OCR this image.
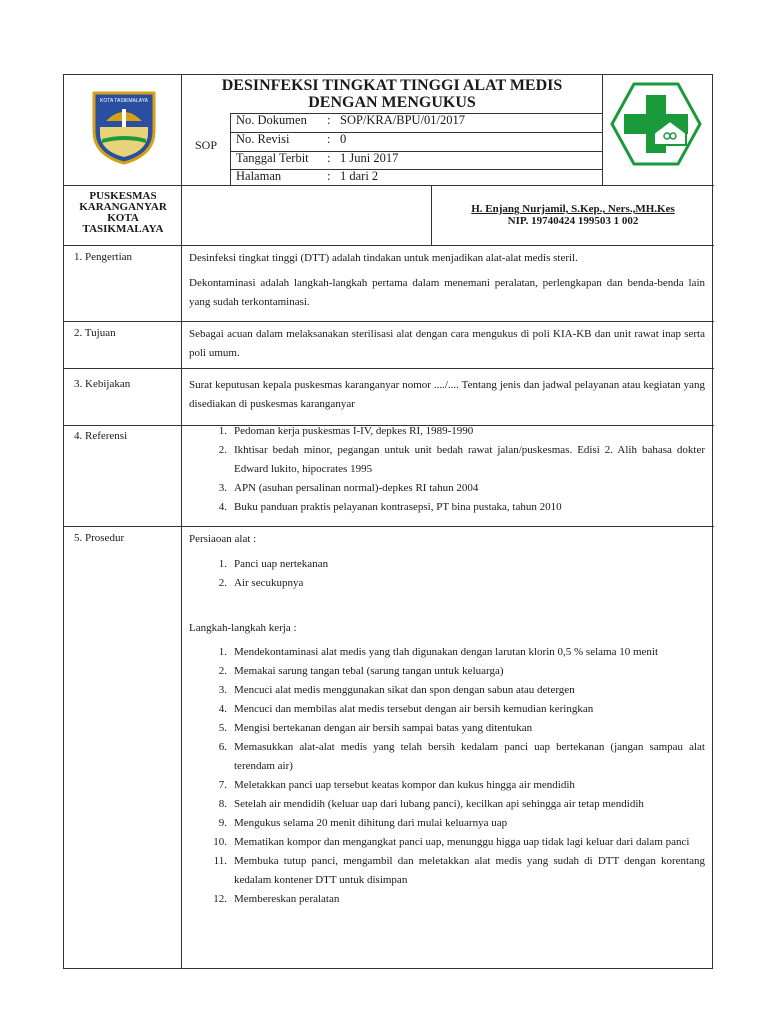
KOTA TASIKMALAYA
DESINFEKSI TINGKAT TINGGI ALAT MEDIS
DENGAN MENGUKUS
SOP
No. Dokumen : SOP/KRA/BPU/01/2017
No. Revisi	: 0
Tanggal Terbit : 1 Juni 2017
Halaman	: 1 dari 2
PUSKESMAS
KARANGANYAR
KOTA
TASIKMALAYA
H. Enjang Nurjamil, S.Kep., Ners.,MH.Kes
NIP. 19740424 199503 1 002
1. Pengertian	Desinfeksi tingkat tinggi (DTT) adalah tindakan untuk menjadikan alat-alat medis steril.
Dekontaminasi adalah langkah-langkah pertama dalam menemani peralatan, perlengkapan dan benda-benda lain yang sudah terkontaminasi.
2. Tujuan	Sebagai acuan dalam melaksanakan sterilisasi alat dengan cara mengukus di poli KIA-KB dan unit rawat inap serta poli umum.
3. Kebijakan	Surat keputusan kepala puskesmas karanganyar nomor ..../.... Tentang jenis dan jadwal pelayanan atau kegiatan yang disediakan di puskesmas karanganyar
4. Referensi	1. Pedoman kerja puskesmas I-IV, depkes RI, 1989-1990
2. Ikhtisar bedah minor, pegangan untuk unit bedah rawat jalan/puskesmas. Edisi 2. Alih bahasa dokter Edward lukito, hipocrates 1995
3. APN (asuhan persalinan normal)-depkes RI tahun 2004
4. Buku panduan praktis pelayanan kontrasepsi, PT bina pustaka, tahun 2010
5. Prosedur	Persiaoan alat :
1. Panci uap nertekanan
2. Air secukupnya
Langkah-langkah kerja :
1. Mendekontaminasi alat medis yang tlah digunakan dengan larutan klorin 0,5 % selama 10 menit
2. Memakai sarung tangan tebal (sarung tangan untuk keluarga)
3. Mencuci alat medis menggunakan sikat dan spon dengan sabun atau detergen
4. Mencuci dan membilas alat medis tersebut dengan air bersih kemudian keringkan
5. Mengisi bertekanan dengan air bersih sampai batas yang ditentukan
6. Memasukkan alat-alat medis yang telah bersih kedalam panci uap bertekanan (jangan sampau alat terendam air)
7. Meletakkan panci uap tersebut keatas kompor dan kukus hingga air mendidih
8. Setelah air mendidih (keluar uap dari lubang panci), kecilkan api sehingga air tetap mendidih
9. Mengukus selama 20 menit dihitung dari mulai keluarnya uap
10. Mematikan kompor dan mengangkat panci uap, menunggu higga uap tidak lagi keluar dari dalam panci
11. Membuka tutup panci, mengambil dan meletakkan alat medis yang sudah di DTT dengan korentang kedalam kontener DTT untuk disimpan
12. Membereskan peralatan
